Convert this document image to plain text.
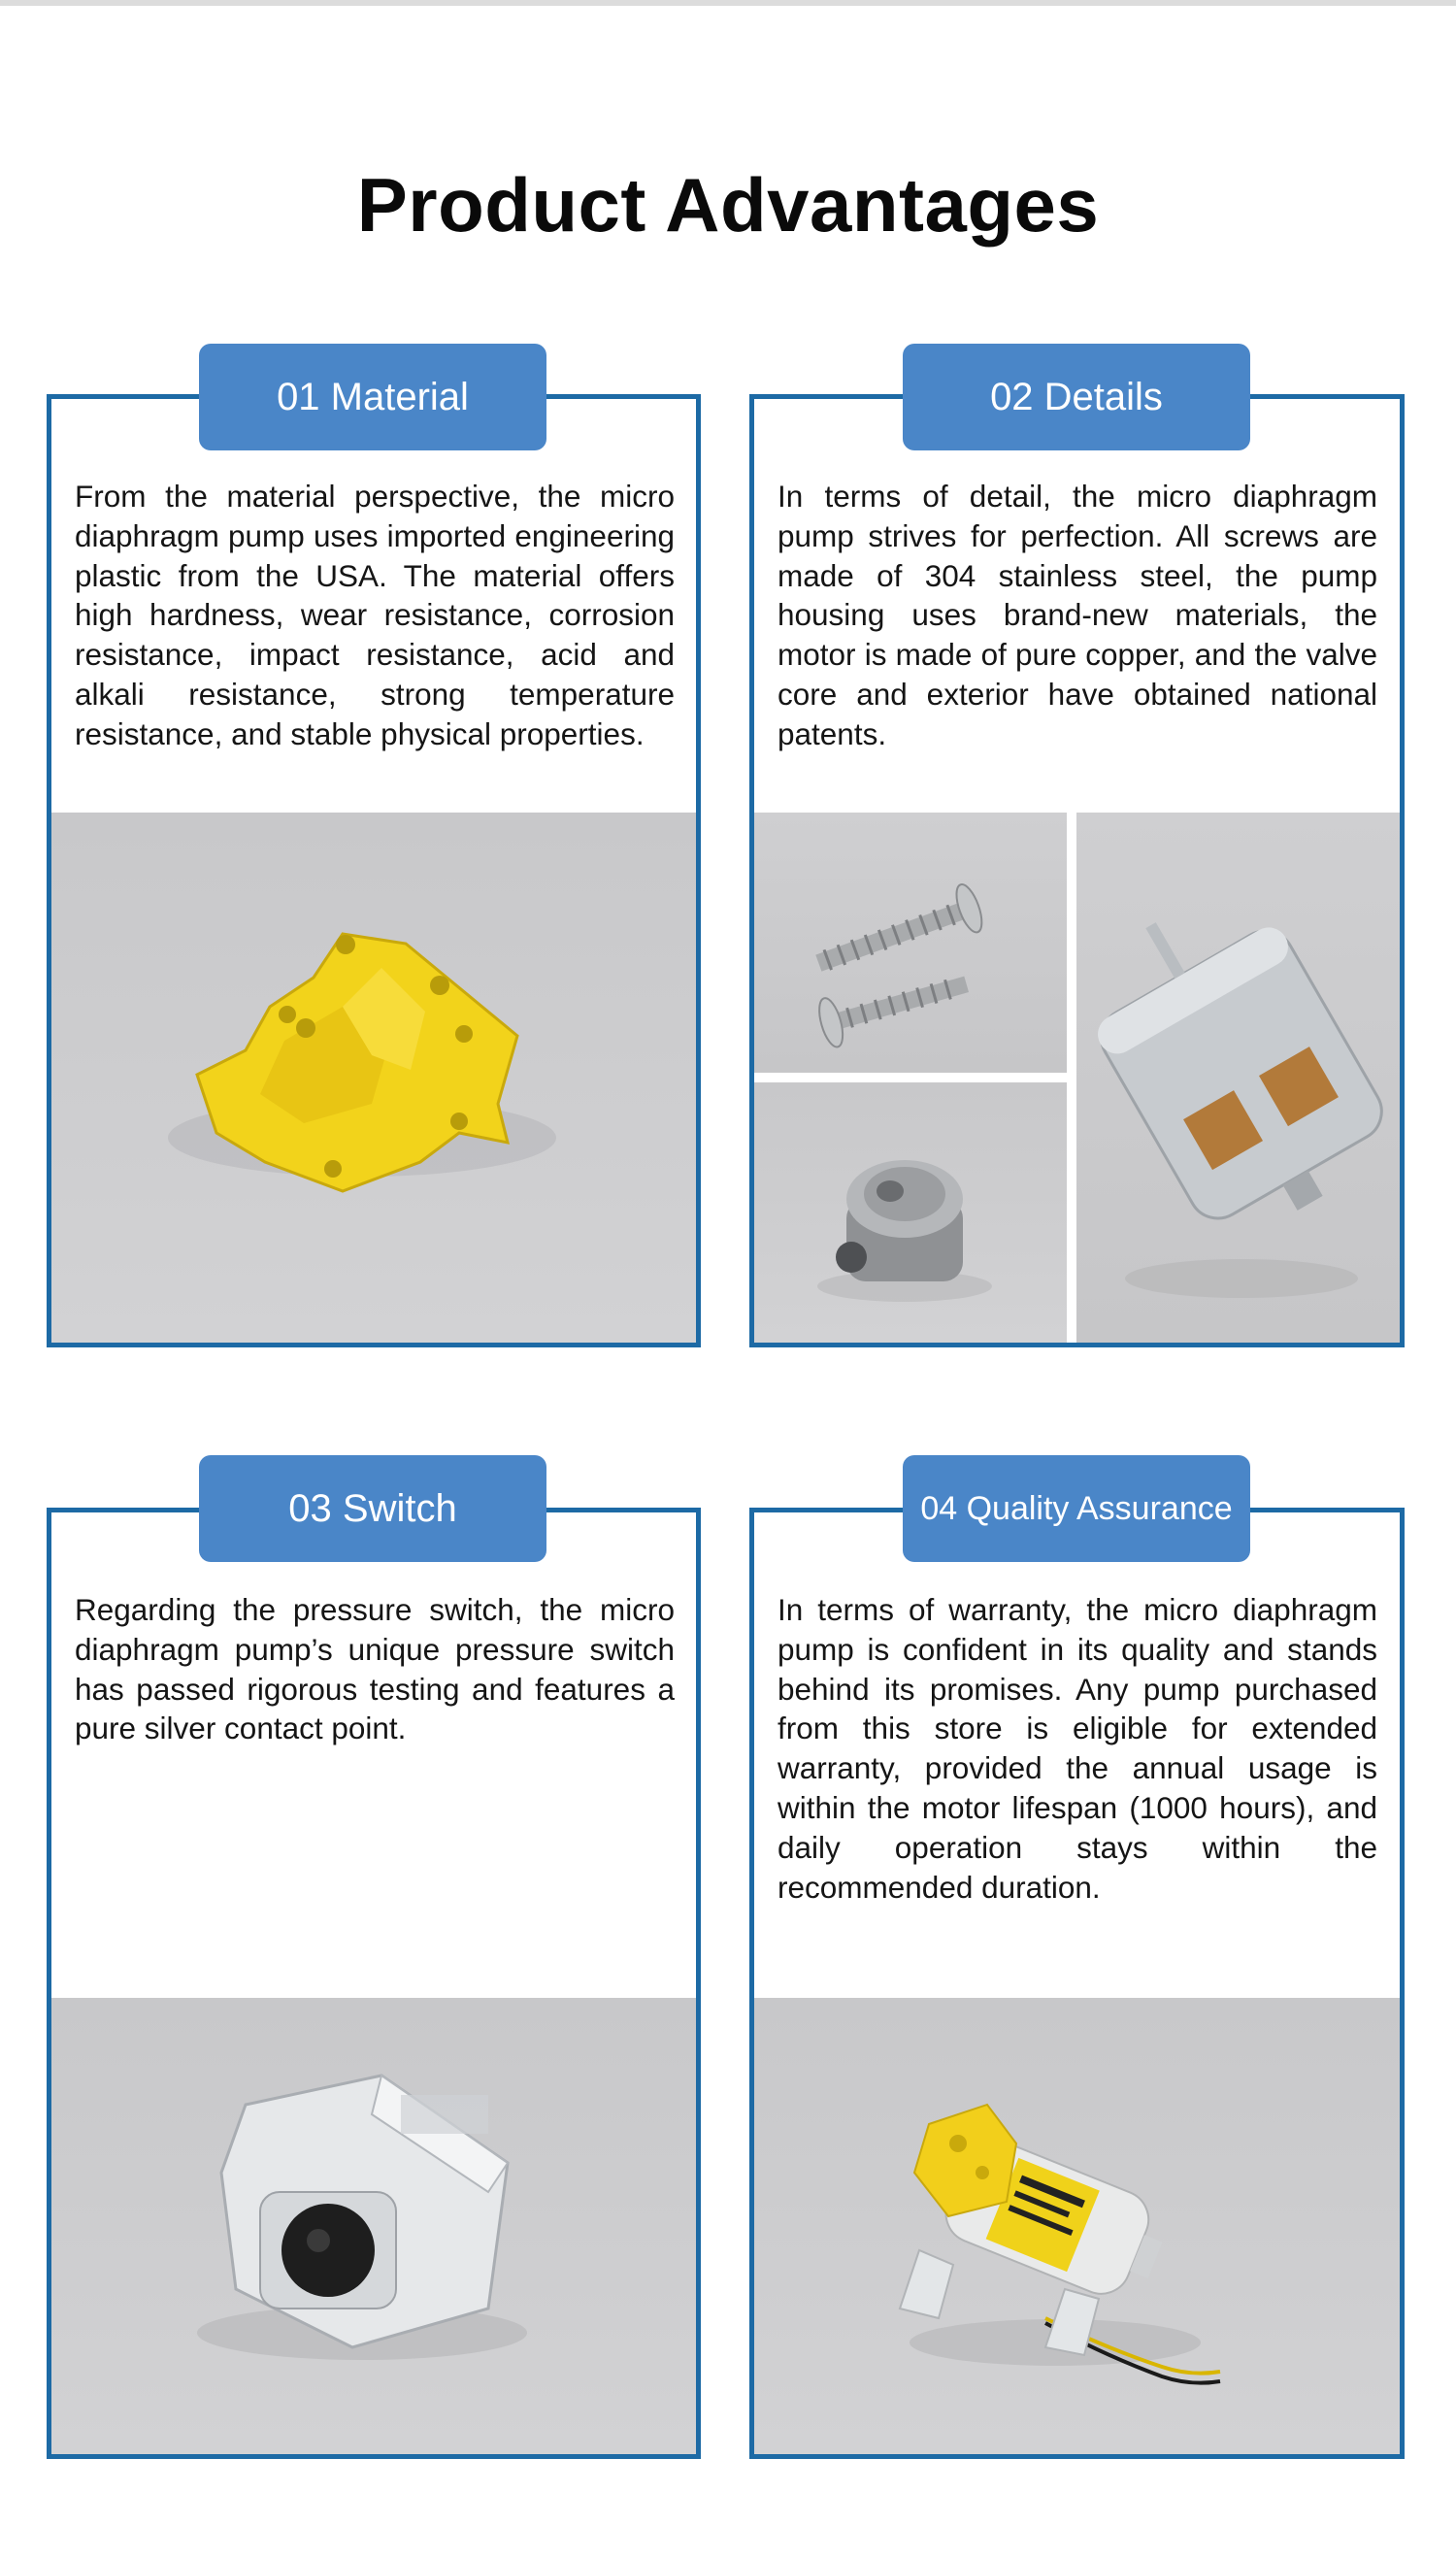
Product Advantages
From the material perspective, the micro diaphragm pump uses imported engineering plastic from the USA. The material offers high hardness, wear resistance, corrosion resistance, impact resistance, acid and alkali resistance, strong temperature resistance, and stable physical properties.
01 Material
In terms of detail, the micro diaphragm pump strives for perfection. All screws are made of 304 stainless steel, the pump housing uses brand-new materials, the motor is made of pure copper, and the valve core and exterior have obtained national patents.
02 Details
Regarding the pressure switch, the micro diaphragm pump’s unique pressure switch has passed rigorous testing and features a pure silver contact point.
03 Switch
In terms of warranty, the micro diaphragm pump is confident in its quality and stands behind its promises. Any pump purchased from this store is eligible for extended warranty, provided the annual usage is within the motor lifespan (1000 hours), and daily operation stays within the recommended duration.
04 Quality Assurance
